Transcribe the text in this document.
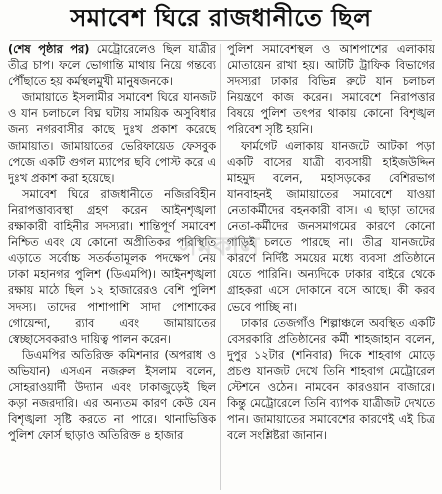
সমাবেশ ঘিরে রাজধানীতে ছিল

(শেষ পৃষ্ঠার পর) মেট্রোরেলেও ছিল যাত্রীর তীব্র চাপ। ফলে ভোগান্তি মাথায় নিয়ে গন্তব্যে পৌঁছাতে হয় কর্মস্থলমুখী মানুষজনকে।

জামায়াতে ইসলামীর সমাবেশ ঘিরে যানজট ও যান চলাচলে বিঘ্ন ঘটায় সাময়িক অসুবিধার জন্য নগরবাসীর কাছে দুঃখ প্রকাশ করেছে জামায়াত। জামায়াতের ভেরিফায়েড ফেসবুক পেজে একটি গুগল ম্যাপের ছবি পোস্ট করে এ দুঃখ প্রকাশ করা হয়েছে।

সমাবেশ ঘিরে রাজধানীতে নজিরবিহীন নিরাপত্তাব্যবস্থা গ্রহণ করেন আইনশৃঙ্খলা রক্ষাকারী বাহিনীর সদস্যরা। শান্তিপূর্ণ সমাবেশ নিশ্চিত এবং যে কোনো অপ্রীতিকর পরিস্থিতি এড়াতে সর্বোচ্চ সতর্কতামূলক পদক্ষেপ নেয় ঢাকা মহানগর পুলিশ (ডিএমপি)। আইনশৃঙ্খলা রক্ষায় মাঠে ছিল ১২ হাজারেরও বেশি পুলিশ সদস্য। তাদের পাশাপাশি সাদা পোশাকের গোয়েন্দা, র‍্যাব এবং জামায়াতের স্বেচ্ছাসেবকরাও দায়িত্ব পালন করেন।

ডিএমপির অতিরিক্ত কমিশনার (অপরাধ ও অভিযান) এসএন নজরুল ইসলাম বলেন, সোহরাওয়ার্দী উদ্যান এবং ঢাকাজুড়েই ছিল কড়া নজরদারি। এর অন্যতম কারণ কেউ যেন বিশৃঙ্খলা সৃষ্টি করতে না পারে। থানাভিত্তিক পুলিশ ফোর্স ছাড়াও অতিরিক্ত ৪ হাজার

পুলিশ সমাবেশস্থল ও আশপাশের এলাকায় মোতায়েন রাখা হয়। আটটি ট্রাফিক বিভাগের সদস্যরা ঢাকার বিভিন্ন রুটে যান চলাচল নিয়ন্ত্রণে কাজ করেন। সমাবেশে নিরাপত্তার বিষয়ে পুলিশ তৎপর থাকায় কোনো বিশৃঙ্খল পরিবেশ সৃষ্টি হয়নি।

ফার্মগেট এলাকায় যানজটে আটকা পড়া একটি বাসের যাত্রী ব্যবসায়ী হাইজউদ্দিন মাহমুদ বলেন, মহাসড়কের বেশিরভাগ যানবাহনই জামায়াতের সমাবেশে যাওয়া নেতাকর্মীদের বহনকারী বাস। এ ছাড়া তাদের নেতা-কর্মীদের জনসমাগমের কারণে কোনো গাড়িই চলতে পারছে না। তীব্র যানজটের কারণে নির্দিষ্ট সময়ের মধ্যে ব্যবসা প্রতিষ্ঠানে যেতে পারিনি। অন্যদিকে ঢাকার বাইরে থেকে গ্রাহকরা এসে দোকানে বসে আছে। কী করব ভেবে পাচ্ছি না।

ঢাকার তেজগাঁও শিল্পাঞ্চলে অবস্থিত একটি বেসরকারি প্রতিষ্ঠানের কর্মী শাহজাহান বলেন, দুপুর ১২টার (শনিবার) দিকে শাহবাগ মোড়ে প্রচণ্ড যানজট দেখে তিনি শাহবাগ মেট্রোরেল স্টেশনে ওঠেন। নামবেন কারওয়ান বাজারে। কিন্তু মেট্রোরেলে তিনি ব্যাপক যাত্রীজট দেখতে পান। জামায়াতের সমাবেশের কারণেই এই চিত্র বলে সংশ্লিষ্টরা জানান।

সমকাল
